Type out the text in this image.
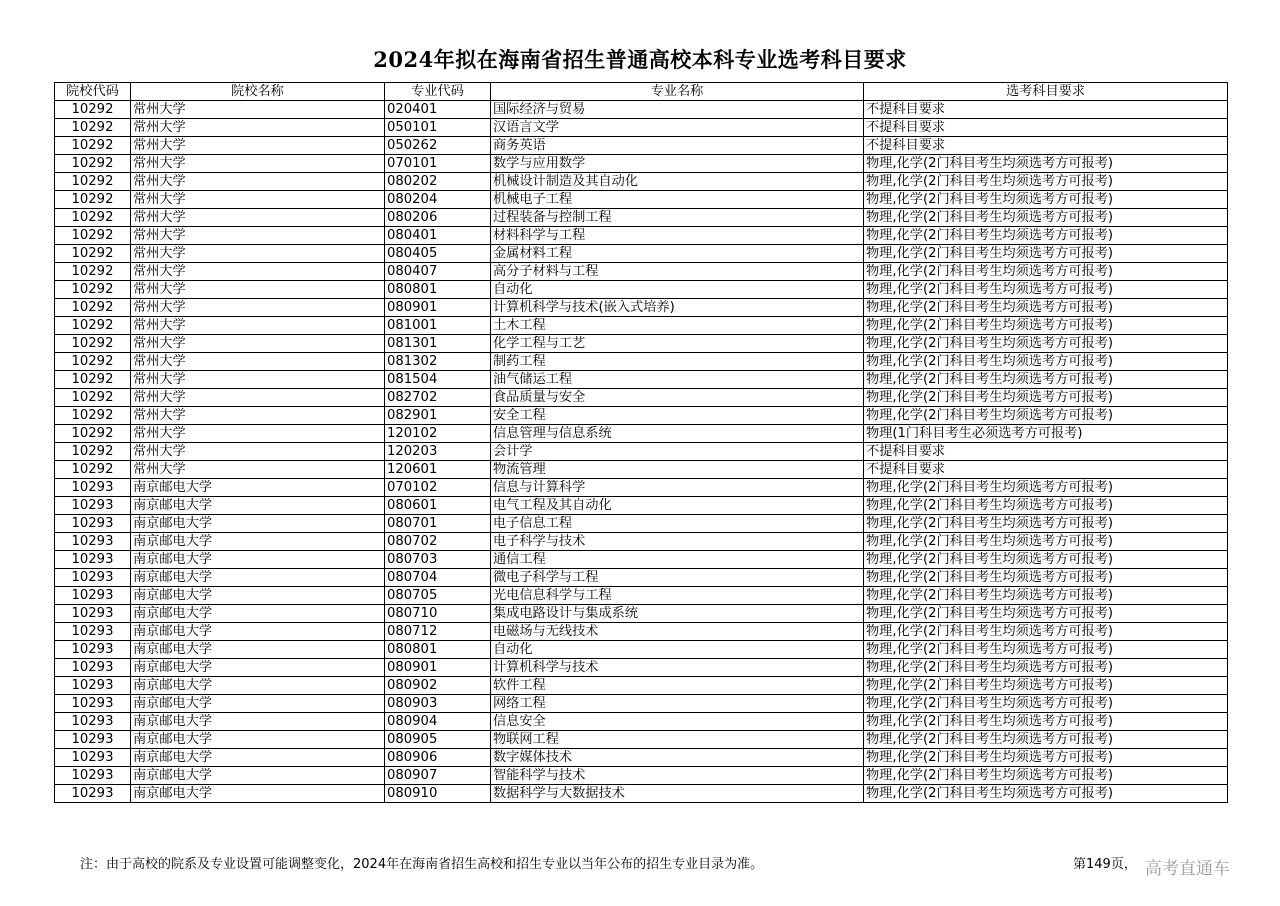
2024年拟在海南省招生普通高校本科专业选考科目要求
院校代码	院校名称	专业代码	专业名称	选考科目要求
10292	常州大学	020401	国际经济与贸易	不提科目要求
10292	常州大学	050101	汉语言文学	不提科目要求
10292	常州大学	050262	商务英语	不提科目要求
10292	常州大学	070101	数学与应用数学	物理,化学(2门科目考生均须选考方可报考)
10292	常州大学	080202	机械设计制造及其自动化	物理,化学(2门科目考生均须选考方可报考)
10292	常州大学	080204	机械电子工程	物理,化学(2门科目考生均须选考方可报考)
10292	常州大学	080206	过程装备与控制工程	物理,化学(2门科目考生均须选考方可报考)
10292	常州大学	080401	材料科学与工程	物理,化学(2门科目考生均须选考方可报考)
10292	常州大学	080405	金属材料工程	物理,化学(2门科目考生均须选考方可报考)
10292	常州大学	080407	高分子材料与工程	物理,化学(2门科目考生均须选考方可报考)
10292	常州大学	080801	自动化	物理,化学(2门科目考生均须选考方可报考)
10292	常州大学	080901	计算机科学与技术(嵌入式培养)	物理,化学(2门科目考生均须选考方可报考)
10292	常州大学	081001	土木工程	物理,化学(2门科目考生均须选考方可报考)
10292	常州大学	081301	化学工程与工艺	物理,化学(2门科目考生均须选考方可报考)
10292	常州大学	081302	制药工程	物理,化学(2门科目考生均须选考方可报考)
10292	常州大学	081504	油气储运工程	物理,化学(2门科目考生均须选考方可报考)
10292	常州大学	082702	食品质量与安全	物理,化学(2门科目考生均须选考方可报考)
10292	常州大学	082901	安全工程	物理,化学(2门科目考生均须选考方可报考)
10292	常州大学	120102	信息管理与信息系统	物理(1门科目考生必须选考方可报考)
10292	常州大学	120203	会计学	不提科目要求
10292	常州大学	120601	物流管理	不提科目要求
10293	南京邮电大学	070102	信息与计算科学	物理,化学(2门科目考生均须选考方可报考)
10293	南京邮电大学	080601	电气工程及其自动化	物理,化学(2门科目考生均须选考方可报考)
10293	南京邮电大学	080701	电子信息工程	物理,化学(2门科目考生均须选考方可报考)
10293	南京邮电大学	080702	电子科学与技术	物理,化学(2门科目考生均须选考方可报考)
10293	南京邮电大学	080703	通信工程	物理,化学(2门科目考生均须选考方可报考)
10293	南京邮电大学	080704	微电子科学与工程	物理,化学(2门科目考生均须选考方可报考)
10293	南京邮电大学	080705	光电信息科学与工程	物理,化学(2门科目考生均须选考方可报考)
10293	南京邮电大学	080710	集成电路设计与集成系统	物理,化学(2门科目考生均须选考方可报考)
10293	南京邮电大学	080712	电磁场与无线技术	物理,化学(2门科目考生均须选考方可报考)
10293	南京邮电大学	080801	自动化	物理,化学(2门科目考生均须选考方可报考)
10293	南京邮电大学	080901	计算机科学与技术	物理,化学(2门科目考生均须选考方可报考)
10293	南京邮电大学	080902	软件工程	物理,化学(2门科目考生均须选考方可报考)
10293	南京邮电大学	080903	网络工程	物理,化学(2门科目考生均须选考方可报考)
10293	南京邮电大学	080904	信息安全	物理,化学(2门科目考生均须选考方可报考)
10293	南京邮电大学	080905	物联网工程	物理,化学(2门科目考生均须选考方可报考)
10293	南京邮电大学	080906	数字媒体技术	物理,化学(2门科目考生均须选考方可报考)
10293	南京邮电大学	080907	智能科学与技术	物理,化学(2门科目考生均须选考方可报考)
10293	南京邮电大学	080910	数据科学与大数据技术	物理,化学(2门科目考生均须选考方可报考)
注：由于高校的院系及专业设置可能调整变化，2024年在海南省招生高校和招生专业以当年公布的招生专业目录为准。	第149页， 高考直通车
